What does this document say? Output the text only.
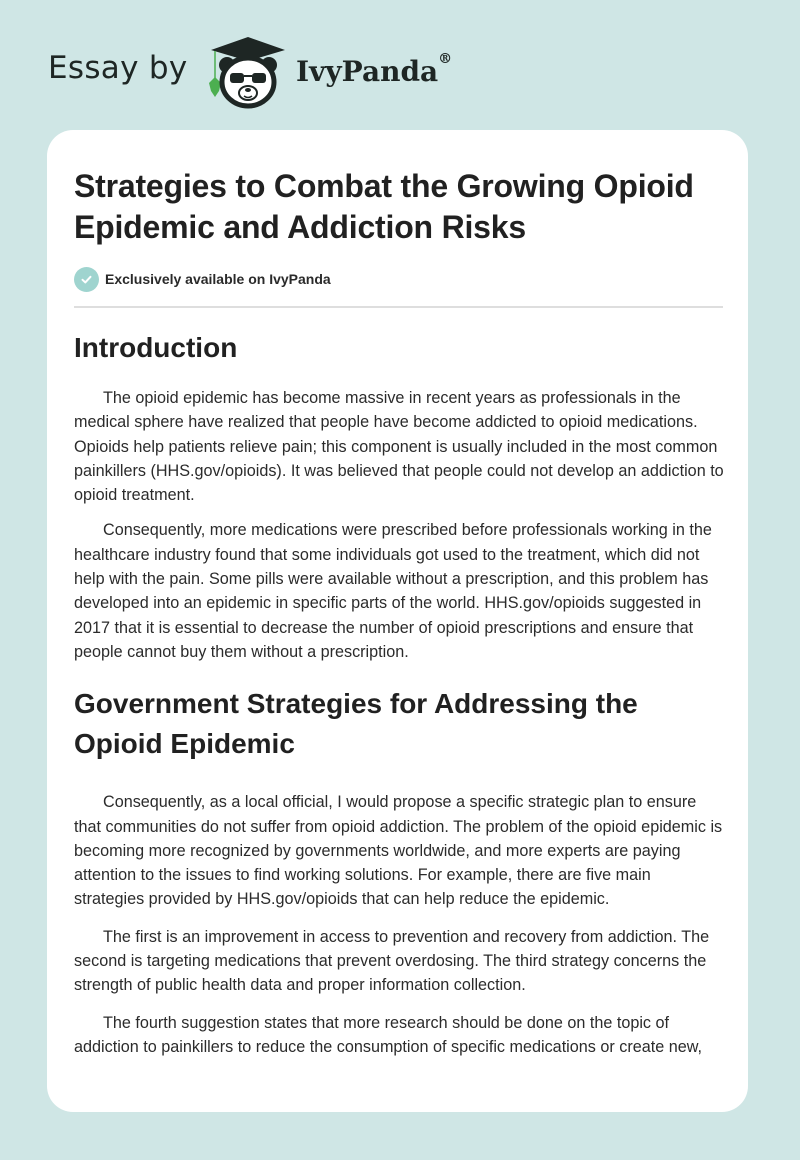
Essay by	IvyPanda®
Strategies to Combat the Growing Opioid Epidemic and Addiction Risks
Exclusively available on IvyPanda
Introduction

The opioid epidemic has become massive in recent years as professionals in the medical sphere have realized that people have become addicted to opioid medications. Opioids help patients relieve pain; this component is usually included in the most common painkillers (HHS.gov/opioids). It was believed that people could not develop an addiction to opioid treatment.

Consequently, more medications were prescribed before professionals working in the healthcare industry found that some individuals got used to the treatment, which did not help with the pain. Some pills were available without a prescription, and this problem has developed into an epidemic in specific parts of the world. HHS.gov/opioids suggested in 2017 that it is essential to decrease the number of opioid prescriptions and ensure that people cannot buy them without a prescription.

Government Strategies for Addressing the Opioid Epidemic

Consequently, as a local official, I would propose a specific strategic plan to ensure that communities do not suffer from opioid addiction. The problem of the opioid epidemic is becoming more recognized by governments worldwide, and more experts are paying attention to the issues to find working solutions. For example, there are five main strategies provided by HHS.gov/opioids that can help reduce the epidemic.

The first is an improvement in access to prevention and recovery from addiction. The second is targeting medications that prevent overdosing. The third strategy concerns the strength of public health data and proper information collection.

The fourth suggestion states that more research should be done on the topic of addiction to painkillers to reduce the consumption of specific medications or create new,
